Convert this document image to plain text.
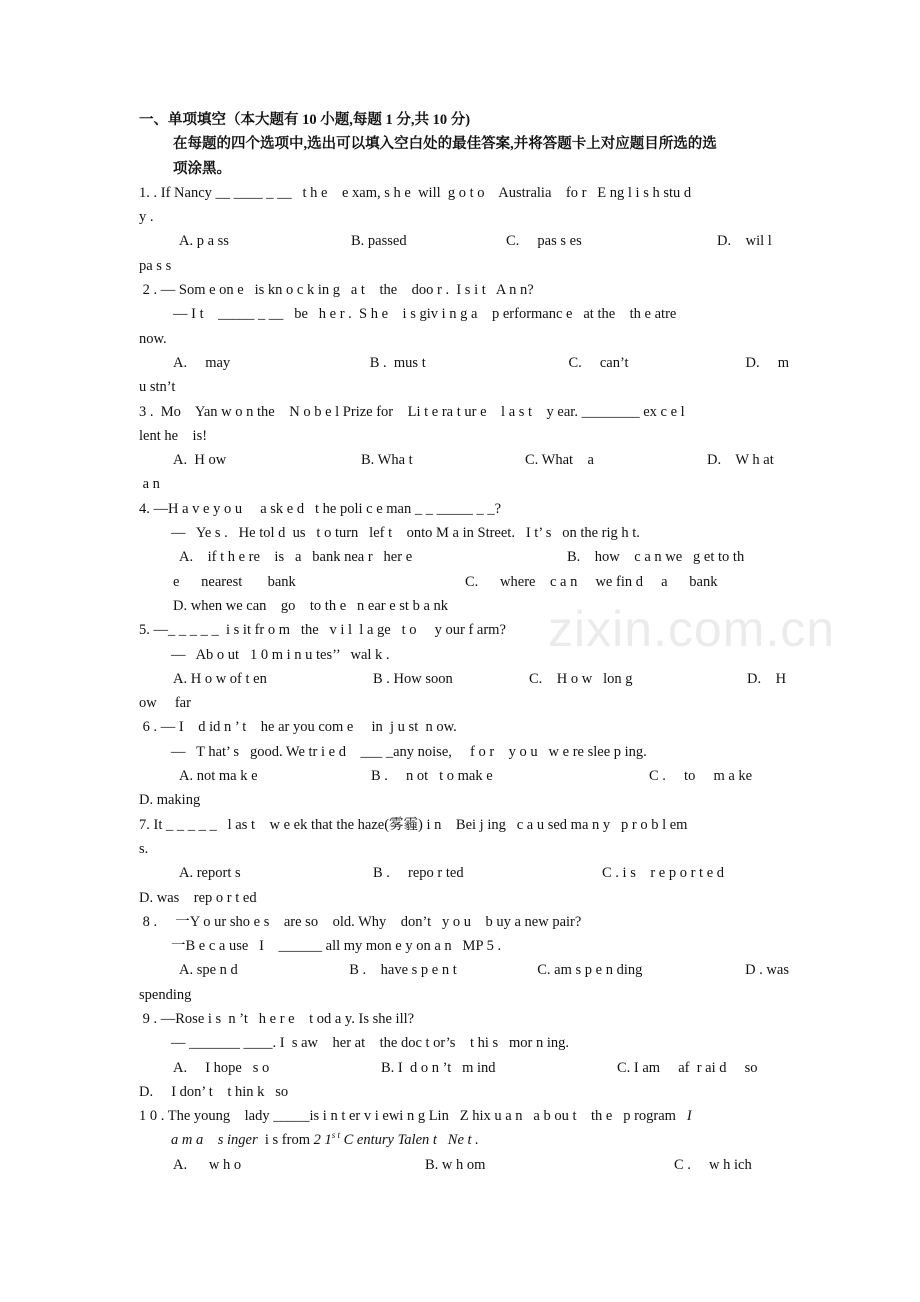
zixin.com.cn
一、单项填空（本大题有 10 小题,每题 1 分,共 10 分)
在每题的四个选项中,选出可以填入空白处的最佳答案,并将答题卡上对应题目所选的选
项涂黑。
1. . If Nancy __ ____ _ __   t h e    e xam, s h e  will  g o t o    Australia    fo r   E ng l i s h stu d
y .
A. p a ss	B. passed	C.     pas s es	D.    wil l
pa s s
2 . — Som e on e   is kn o c k in g   a t    the    doo r .  I s i t   A n n?
— I t    _____ _ __   be   h e r .  S h e    i s giv i n g a    p erformanc e   at the    th e atre
now.
A.     may	B .  mus t	C.     can’t	D.     m
u stn’t
3 .  Mo    Yan w o n the    N o b e l Prize for    Li t e ra t ur e    l a s t    y ear. ________ ex c e l
lent he    is!
A.  H ow	B. Wha t	C. What    a	D.    W h at
a n
4. —H a v e y o u     a sk e d   t he poli c e man _ _ _____ _ _?
—   Ye s .   He tol d  us   t o turn   lef t    onto M a in Street.   I t’ s   on the rig h t.
A.    if t h e re    is   a   bank nea r   her e	B.    how    c a n we   g et to th
e      nearest       bank	C.      where    c a n     we fin d     a      bank
D. when we can    go    to th e   n ear e st b a nk
5. —_ _ _ _ _  i s it fr o m   the   v i l  l a ge   t o     y our f arm?
—   Ab o ut   1 0 m i n u tes’’   wal k .
A. H o w of t en	B . How soon	C.    H o w   lon g	D.    H
ow     far
6 . — I    d id n ’ t    he ar you com e     in  j u st  n ow.
—   T hat’ s   good. We tr i e d    ___ _any noise,     f o r    y o u   w e re slee p ing.
A. not ma k e	B .     n ot   t o mak e	C .     to     m a ke
D. making
7. It _ _ _ _ _   l as t    w e ek that the haze(雾霾) i n    Bei j ing   c a u sed ma n y   p r o b l em
s.
A. report s	B .     repo r ted	C . i s    r e p o r t e d
D. was    rep o r t ed
8 .     一Y o ur sho e s    are so    old. Why    don’t   y o u    b uy a new pair?
一B e c a use   I    ______ all my mon e y on a n   MP 5 .
A. spe n d	B .    have s p e n t	C. am s p e n ding	D . was
spending
9 . —Rose i s  n ’t   h e r e    t od a y. Is she ill?
— _______ ____. I  s aw    her at    the doc t or’s    t hi s   mor n ing.
A.     I hope   s o	B. I  d o n ’t   m ind	C. I am     af  r ai d     so
D.     I don’ t    t hin k   so
1 0 . The young    lady _____is i n t er v i ewi n g Lin   Z hix u a n   a b ou t    th e   p rogram I
a m a    s inger  i s from 2 $1^{s t}$ C entury Talen t   Ne t .
A.      w h o	B. w h om	C .     w h ich
